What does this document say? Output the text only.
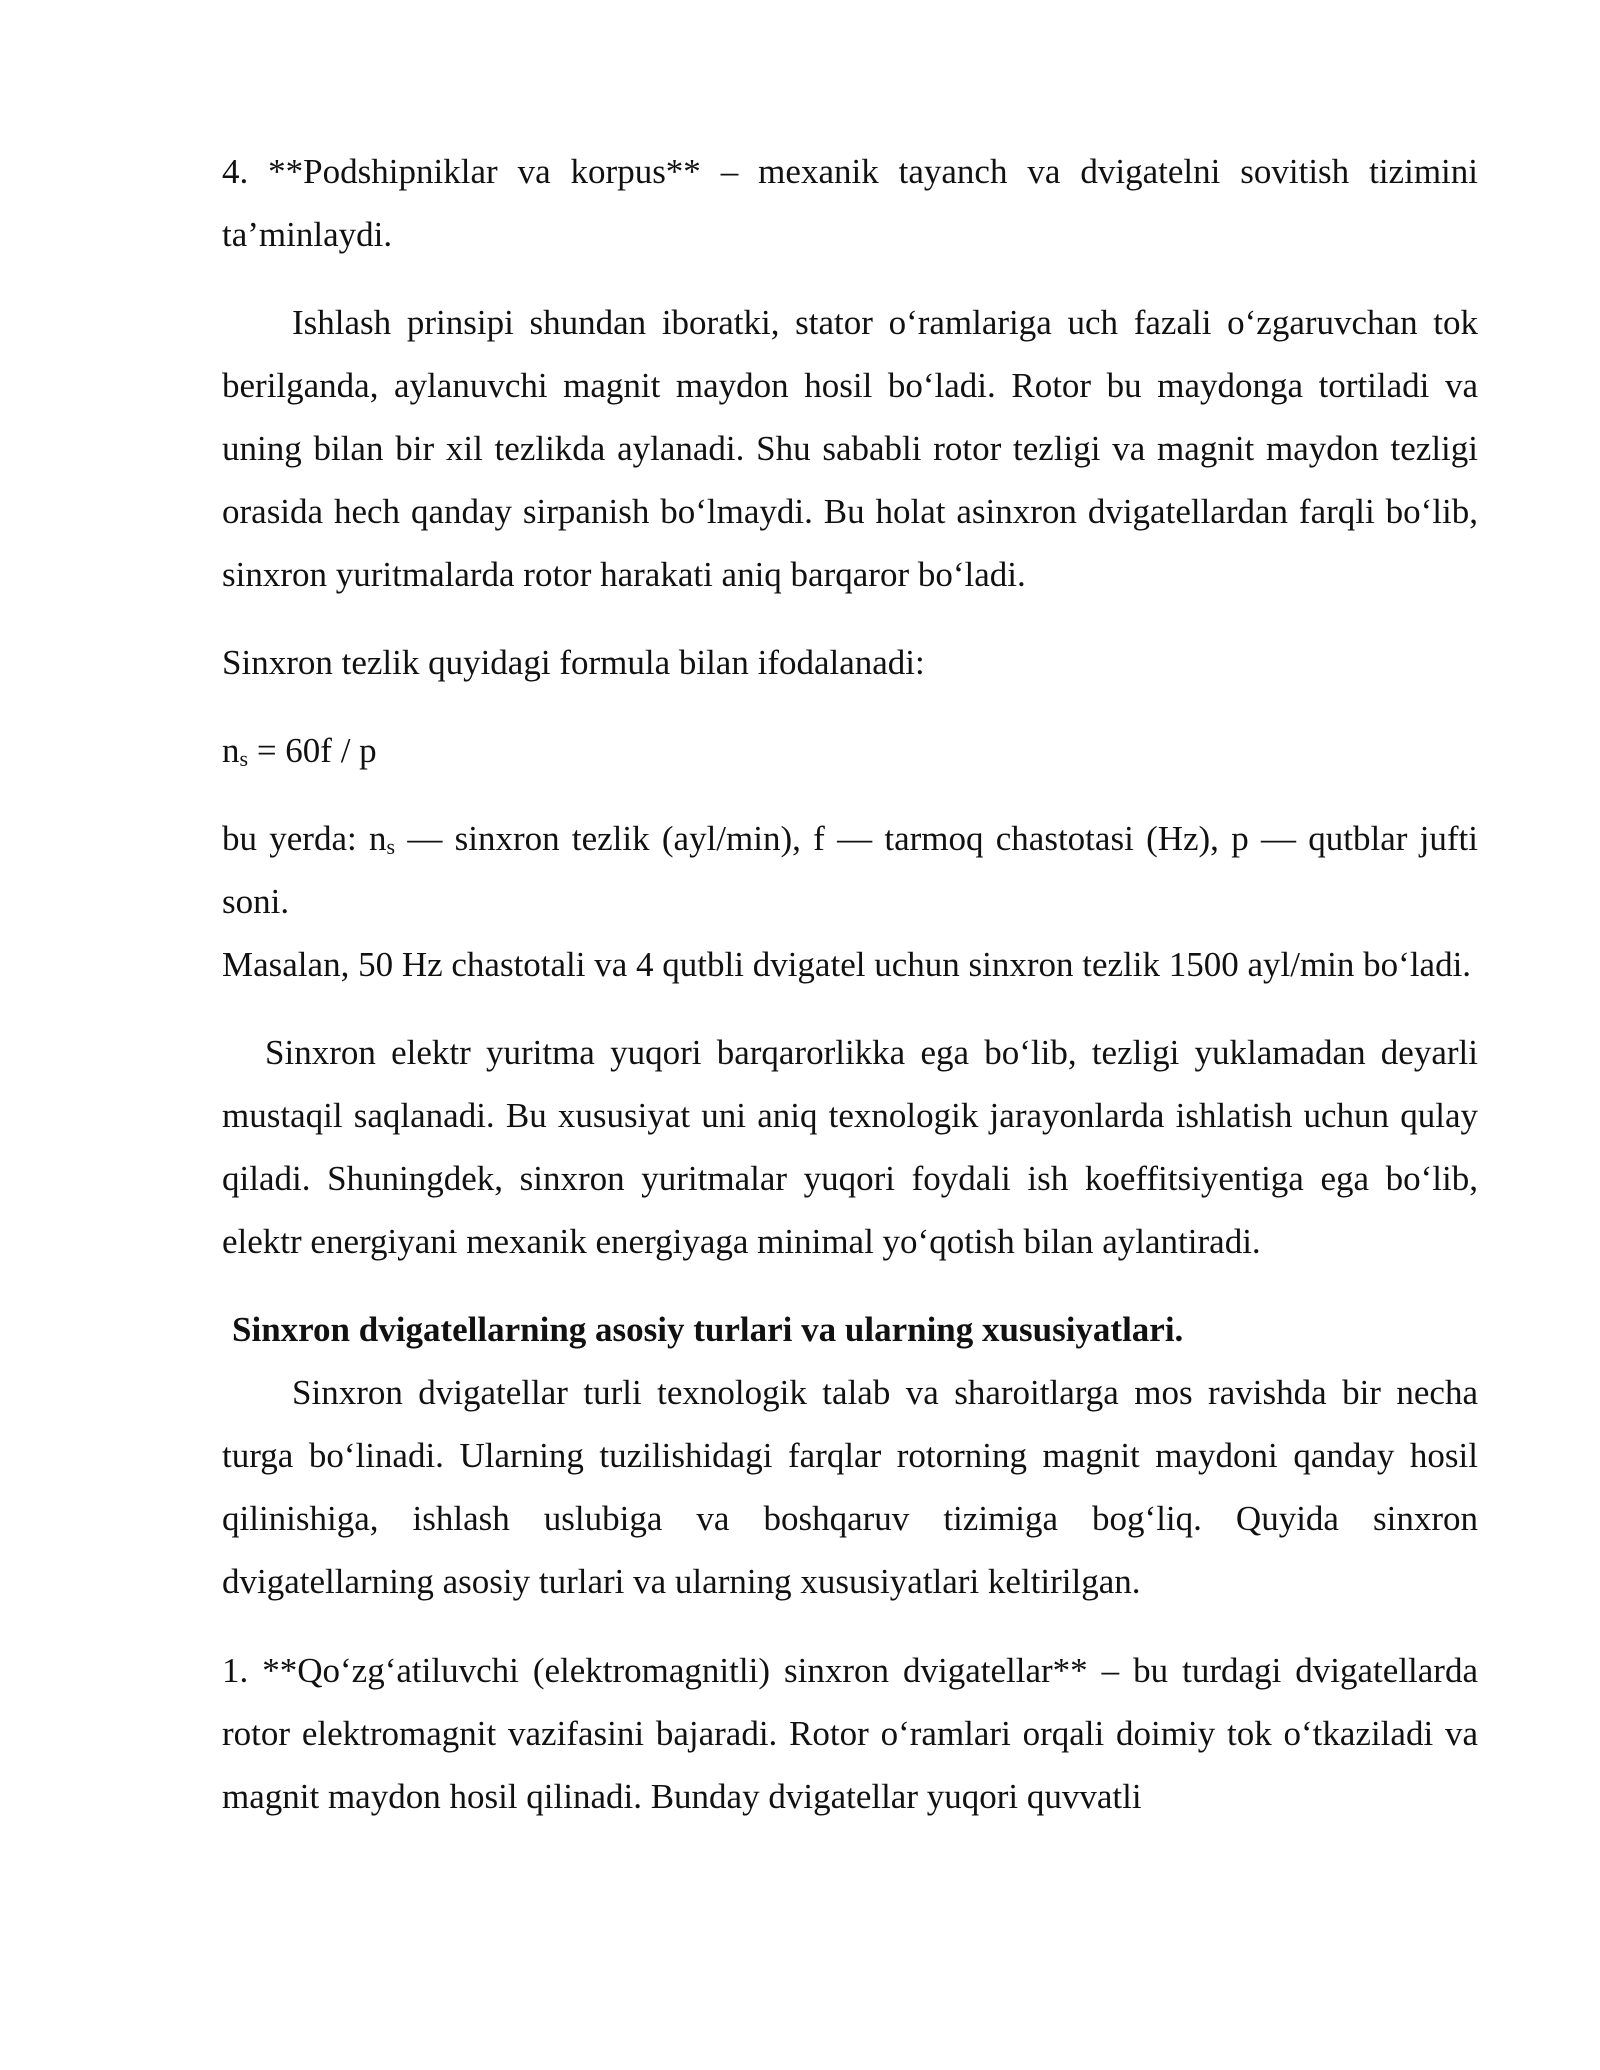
4. **Podshipniklar va korpus** – mexanik tayanch va dvigatelni sovitish tizimini ta’minlaydi.

Ishlash prinsipi shundan iboratki, stator o‘ramlariga uch fazali o‘zgaruvchan tok berilganda, aylanuvchi magnit maydon hosil bo‘ladi. Rotor bu maydonga tortiladi va uning bilan bir xil tezlikda aylanadi. Shu sababli rotor tezligi va magnit maydon tezligi orasida hech qanday sirpanish bo‘lmaydi. Bu holat asinxron dvigatellardan farqli bo‘lib, sinxron yuritmalarda rotor harakati aniq barqaror bo‘ladi.

Sinxron tezlik quyidagi formula bilan ifodalanadi:

$n_s = 60f / p$

bu yerda: $n_s$ — sinxron tezlik (ayl/min), f — tarmoq chastotasi (Hz), p — qutblar jufti soni.

Masalan, 50 Hz chastotali va 4 qutbli dvigatel uchun sinxron tezlik 1500 ayl/min bo‘ladi.

Sinxron elektr yuritma yuqori barqarorlikka ega bo‘lib, tezligi yuklamadan deyarli mustaqil saqlanadi. Bu xususiyat uni aniq texnologik jarayonlarda ishlatish uchun qulay qiladi. Shuningdek, sinxron yuritmalar yuqori foydali ish koeffitsiyentiga ega bo‘lib, elektr energiyani mexanik energiyaga minimal yo‘qotish bilan aylantiradi.

Sinxron dvigatellarning asosiy turlari va ularning xususiyatlari.

Sinxron dvigatellar turli texnologik talab va sharoitlarga mos ravishda bir necha turga bo‘linadi. Ularning tuzilishidagi farqlar rotorning magnit maydoni qanday hosil qilinishiga, ishlash uslubiga va boshqaruv tizimiga bog‘liq. Quyida sinxron dvigatellarning asosiy turlari va ularning xususiyatlari keltirilgan.

1. **Qo‘zg‘atiluvchi (elektromagnitli) sinxron dvigatellar** – bu turdagi dvigatellarda rotor elektromagnit vazifasini bajaradi. Rotor o‘ramlari orqali doimiy tok o‘tkaziladi va magnit maydon hosil qilinadi. Bunday dvigatellar yuqori quvvatli
